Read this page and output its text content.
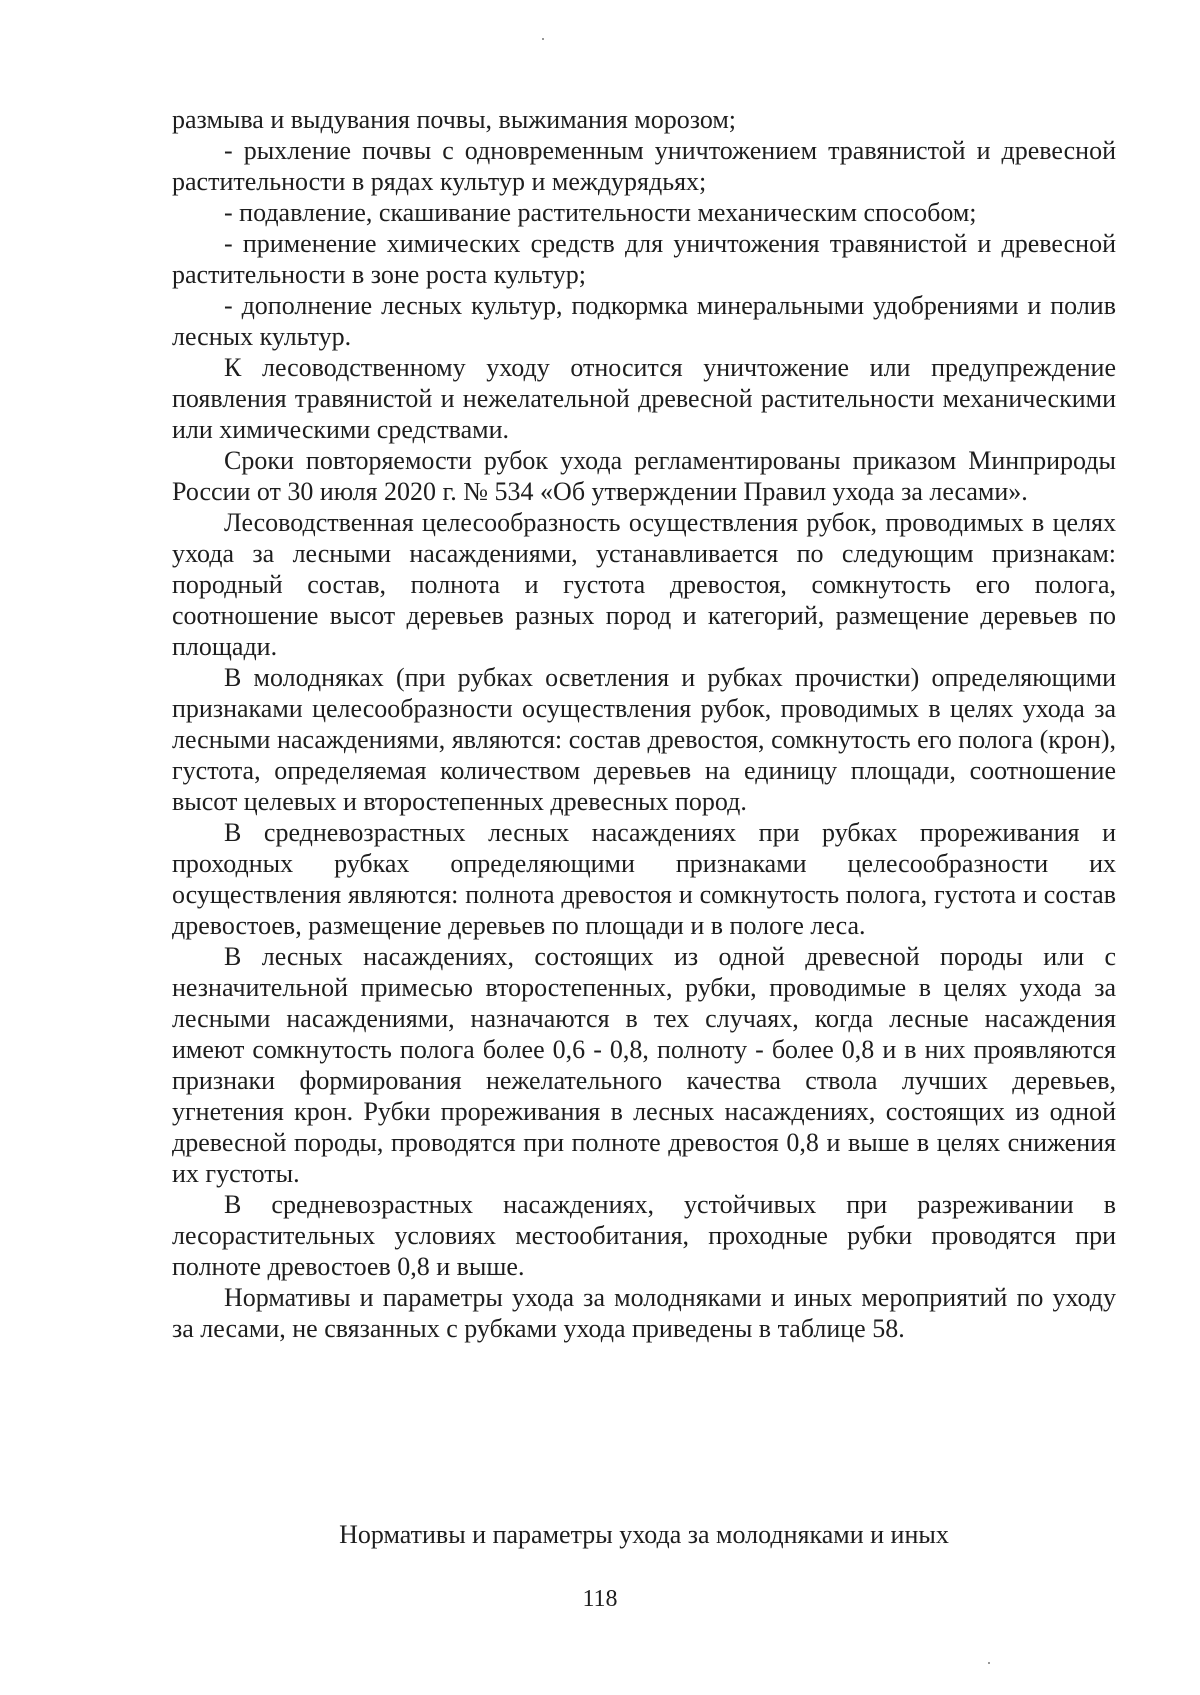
размыва и выдувания почвы, выжимания морозом;

- рыхление почвы с одновременным уничтожением травянистой и древесной растительности в рядах культур и междурядьях;

- подавление, скашивание растительности механическим способом;

- применение химических средств для уничтожения травянистой и древесной растительности в зоне роста культур;

- дополнение лесных культур, подкормка минеральными удобрениями и полив лесных культур.

К лесоводственному уходу относится уничтожение или предупреждение появления травянистой и нежелательной древесной растительности механическими или химическими средствами.

Сроки повторяемости рубок ухода регламентированы приказом Минприроды России от 30 июля 2020 г. № 534 «Об утверждении Правил ухода за лесами».

Лесоводственная целесообразность осуществления рубок, проводимых в целях ухода за лесными насаждениями, устанавливается по следующим признакам: породный состав, полнота и густота древостоя, сомкнутость его полога, соотношение высот деревьев разных пород и категорий, размещение деревьев по площади.

В молодняках (при рубках осветления и рубках прочистки) определяющими признаками целесообразности осуществления рубок, проводимых в целях ухода за лесными насаждениями, являются: состав древостоя, сомкнутость его полога (крон), густота, определяемая количеством деревьев на единицу площади, соотношение высот целевых и второстепенных древесных пород.

В средневозрастных лесных насаждениях при рубках прореживания и проходных рубках определяющими признаками целесообразности их осуществления являются: полнота древостоя и сомкнутость полога, густота и состав древостоев, размещение деревьев по площади и в пологе леса.

В лесных насаждениях, состоящих из одной древесной породы или с незначительной примесью второстепенных, рубки, проводимые в целях ухода за лесными насаждениями, назначаются в тех случаях, когда лесные насаждения имеют сомкнутость полога более 0,6 - 0,8, полноту - более 0,8 и в них проявляются признаки формирования нежелательного качества ствола лучших деревьев, угнетения крон. Рубки прореживания в лесных насаждениях, состоящих из одной древесной породы, проводятся при полноте древостоя 0,8 и выше в целях снижения их густоты.

В средневозрастных насаждениях, устойчивых при разреживании в лесорастительных условиях местообитания, проходные рубки проводятся при полноте древостоев 0,8 и выше.

Нормативы и параметры ухода за молодняками и иных мероприятий по уходу за лесами, не связанных с рубками ухода приведены в таблице 58.

Нормативы и параметры ухода за молодняками и иных
118
